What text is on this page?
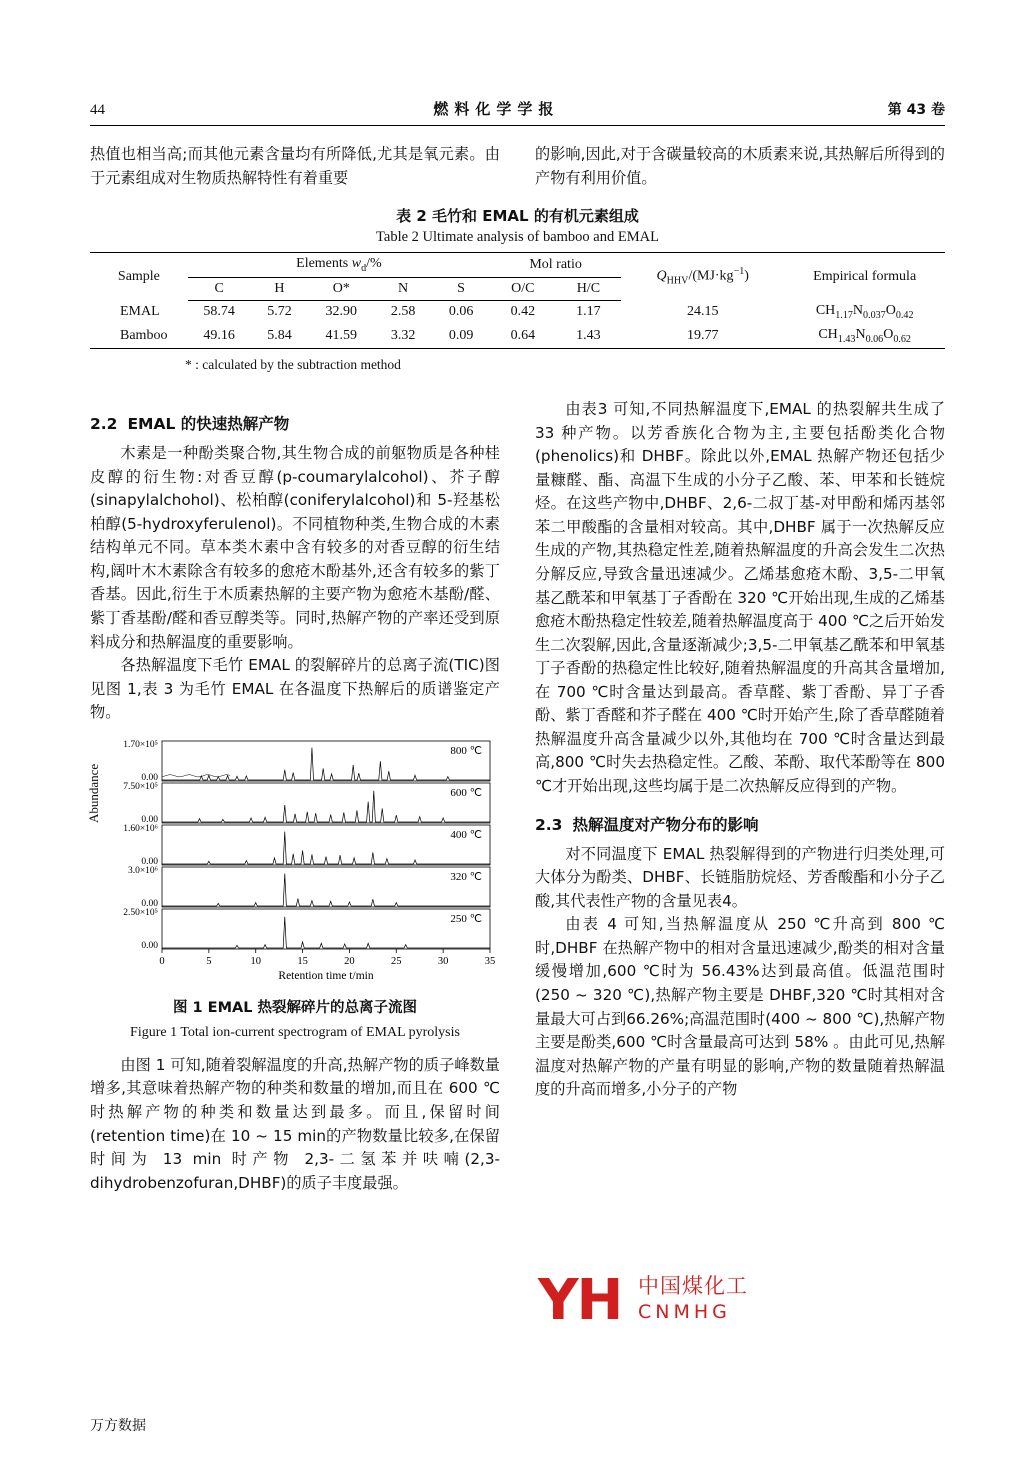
44	燃料化学学报	第 43 卷

热值也相当高;而其他元素含量均有所降低,尤其是氧元素。由于元素组成对生物质热解特性有着重要

的影响,因此,对于含碳量较高的木质素来说,其热解后所得到的产物有利用价值。

表 2 毛竹和 EMAL 的有机元素组成
Table 2 Ultimate analysis of bamboo and EMAL
Sample	Elements $w_d/\%$					Mol ratio		$Q_{HHV}/(MJ\cdot kg^{-1})$	Empirical formula
	C	H	O*	N	S	O/C	H/C		
EMAL	58.74	5.72	32.90	2.58	0.06	0.42	1.17	24.15	$CH_{1.17}N_{0.037}O_{0.42}$
Bamboo	49.16	5.84	41.59	3.32	0.09	0.64	1.43	19.77	$CH_{1.43}N_{0.06}O_{0.62}$
* : calculated by the subtraction method
2.2 EMAL 的快速热解产物

木素是一种酚类聚合物,其生物合成的前躯物质是各种桂皮醇的衍生物:对香豆醇(p-coumarylalcohol)、芥子醇(sinapylalchohol)、松柏醇(coniferylalcohol)和 5-羟基松柏醇(5-hydroxyferulenol)。不同植物种类,生物合成的木素结构单元不同。草本类木素中含有较多的对香豆醇的衍生结构,阔叶木木素除含有较多的愈疮木酚基外,还含有较多的紫丁香基。因此,衍生于木质素热解的主要产物为愈疮木基酚/醛、紫丁香基酚/醛和香豆醇类等。同时,热解产物的产率还受到原料成分和热解温度的重要影响。

各热解温度下毛竹 EMAL 的裂解碎片的总离子流(TIC)图见图 1,表 3 为毛竹 EMAL 在各温度下热解后的质谱鉴定产物。

Abundance
1.70×10⁵
0.00
800 ℃
7.50×10⁵
0.00
600 ℃
1.60×10⁶
0.00
400 ℃
3.0×10⁶
0.00
320 ℃
2.50×10⁵
0.00
250 ℃
0	5	10	15	20	25	30	35
Retention time t/min
图 1 EMAL 热裂解碎片的总离子流图
Figure 1 Total ion-current spectrogram of EMAL pyrolysis

由图 1 可知,随着裂解温度的升高,热解产物的质子峰数量增多,其意味着热解产物的种类和数量的增加,而且在 600 ℃时热解产物的种类和数量达到最多。而且,保留时间(retention time)在 10 ~ 15 min的产物数量比较多,在保留时间为 13 min 时产物 2,3-二氢苯并呋喃(2,3-dihydrobenzofuran,DHBF)的质子丰度最强。

由表3 可知,不同热解温度下,EMAL 的热裂解共生成了 33 种产物。以芳香族化合物为主,主要包括酚类化合物(phenolics)和 DHBF。除此以外,EMAL 热解产物还包括少量糠醛、酯、高温下生成的小分子乙酸、苯、甲苯和长链烷烃。在这些产物中,DHBF、2,6-二叔丁基-对甲酚和烯丙基邻苯二甲酸酯的含量相对较高。其中,DHBF 属于一次热解反应生成的产物,其热稳定性差,随着热解温度的升高会发生二次热分解反应,导致含量迅速减少。乙烯基愈疮木酚、3,5-二甲氧基乙酰苯和甲氧基丁子香酚在 320 ℃开始出现,生成的乙烯基愈疮木酚热稳定性较差,随着热解温度高于 400 ℃之后开始发生二次裂解,因此,含量逐渐减少;3,5-二甲氧基乙酰苯和甲氧基丁子香酚的热稳定性比较好,随着热解温度的升高其含量增加,在 700 ℃时含量达到最高。香草醛、紫丁香酚、异丁子香酚、紫丁香醛和芥子醛在 400 ℃时开始产生,除了香草醛随着热解温度升高含量减少以外,其他均在 700 ℃时含量达到最高,800 ℃时失去热稳定性。乙酸、苯酚、取代苯酚等在 800 ℃才开始出现,这些均属于是二次热解反应得到的产物。

2.3 热解温度对产物分布的影响

对不同温度下 EMAL 热裂解得到的产物进行归类处理,可大体分为酚类、DHBF、长链脂肪烷烃、芳香酸酯和小分子乙酸,其代表性产物的含量见表4。

由表 4 可知,当热解温度从 250 ℃升高到 800 ℃时,DHBF 在热解产物中的相对含量迅速减少,酚类的相对含量缓慢增加,600 ℃时为 56.43%达到最高值。低温范围时(250 ~ 320 ℃),热解产物主要是 DHBF,320 ℃时其相对含量最大可占到66.26%;高温范围时(400 ~ 800 ℃),热解产物主要是酚类,600 ℃时含量最高可达到 58% 。由此可见,热解温度对热解产物的产量有明显的影响,产物的数量随着热解温度的升高而增多,小分子的产物

YH 中国煤化工
CNMHG
万方数据
